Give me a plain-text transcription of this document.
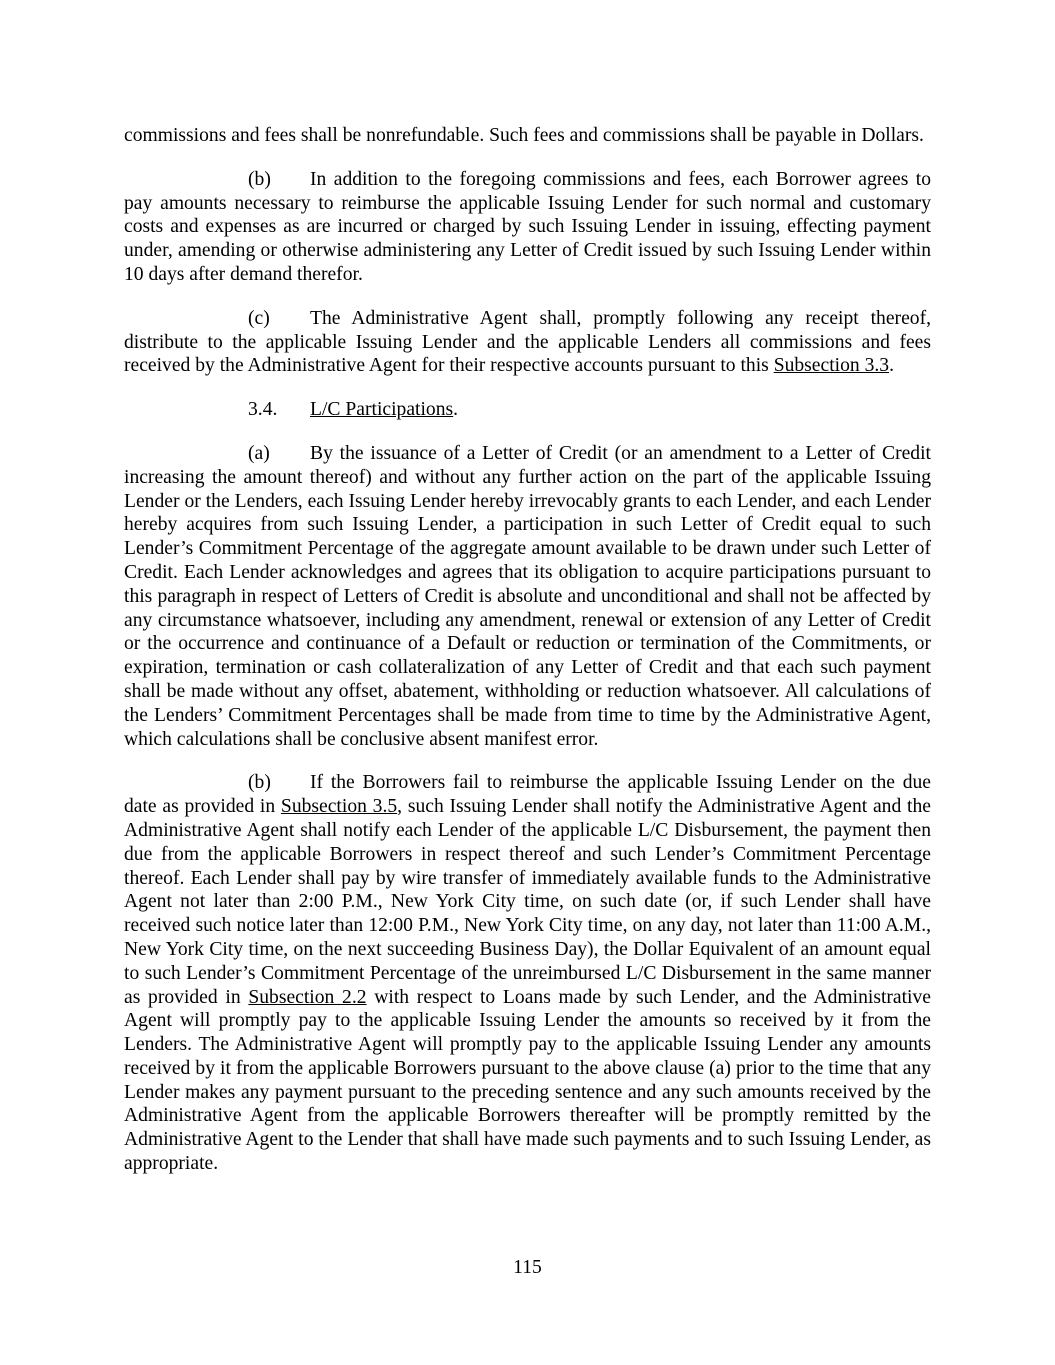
commissions and fees shall be nonrefundable. Such fees and commissions shall be payable in Dollars.

(b) In addition to the foregoing commissions and fees, each Borrower agrees to pay amounts necessary to reimburse the applicable Issuing Lender for such normal and customary costs and expenses as are incurred or charged by such Issuing Lender in issuing, effecting payment under, amending or otherwise administering any Letter of Credit issued by such Issuing Lender within 10 days after demand therefor.

(c) The Administrative Agent shall, promptly following any receipt thereof, distribute to the applicable Issuing Lender and the applicable Lenders all commissions and fees received by the Administrative Agent for their respective accounts pursuant to this Subsection 3.3.

3.4. L/C Participations.

(a) By the issuance of a Letter of Credit (or an amendment to a Letter of Credit increasing the amount thereof) and without any further action on the part of the applicable Issuing Lender or the Lenders, each Issuing Lender hereby irrevocably grants to each Lender, and each Lender hereby acquires from such Issuing Lender, a participation in such Letter of Credit equal to such Lender’s Commitment Percentage of the aggregate amount available to be drawn under such Letter of Credit. Each Lender acknowledges and agrees that its obligation to acquire participations pursuant to this paragraph in respect of Letters of Credit is absolute and unconditional and shall not be affected by any circumstance whatsoever, including any amendment, renewal or extension of any Letter of Credit or the occurrence and continuance of a Default or reduction or termination of the Commitments, or expiration, termination or cash collateralization of any Letter of Credit and that each such payment shall be made without any offset, abatement, withholding or reduction whatsoever. All calculations of the Lenders’ Commitment Percentages shall be made from time to time by the Administrative Agent, which calculations shall be conclusive absent manifest error.

(b) If the Borrowers fail to reimburse the applicable Issuing Lender on the due date as provided in Subsection 3.5, such Issuing Lender shall notify the Administrative Agent and the Administrative Agent shall notify each Lender of the applicable L/C Disbursement, the payment then due from the applicable Borrowers in respect thereof and such Lender’s Commitment Percentage thereof. Each Lender shall pay by wire transfer of immediately available funds to the Administrative Agent not later than 2:00 P.M., New York City time, on such date (or, if such Lender shall have received such notice later than 12:00 P.M., New York City time, on any day, not later than 11:00 A.M., New York City time, on the next succeeding Business Day), the Dollar Equivalent of an amount equal to such Lender’s Commitment Percentage of the unreimbursed L/C Disbursement in the same manner as provided in Subsection 2.2 with respect to Loans made by such Lender, and the Administrative Agent will promptly pay to the applicable Issuing Lender the amounts so received by it from the Lenders. The Administrative Agent will promptly pay to the applicable Issuing Lender any amounts received by it from the applicable Borrowers pursuant to the above clause (a) prior to the time that any Lender makes any payment pursuant to the preceding sentence and any such amounts received by the Administrative Agent from the applicable Borrowers thereafter will be promptly remitted by the Administrative Agent to the Lender that shall have made such payments and to such Issuing Lender, as appropriate.

115
